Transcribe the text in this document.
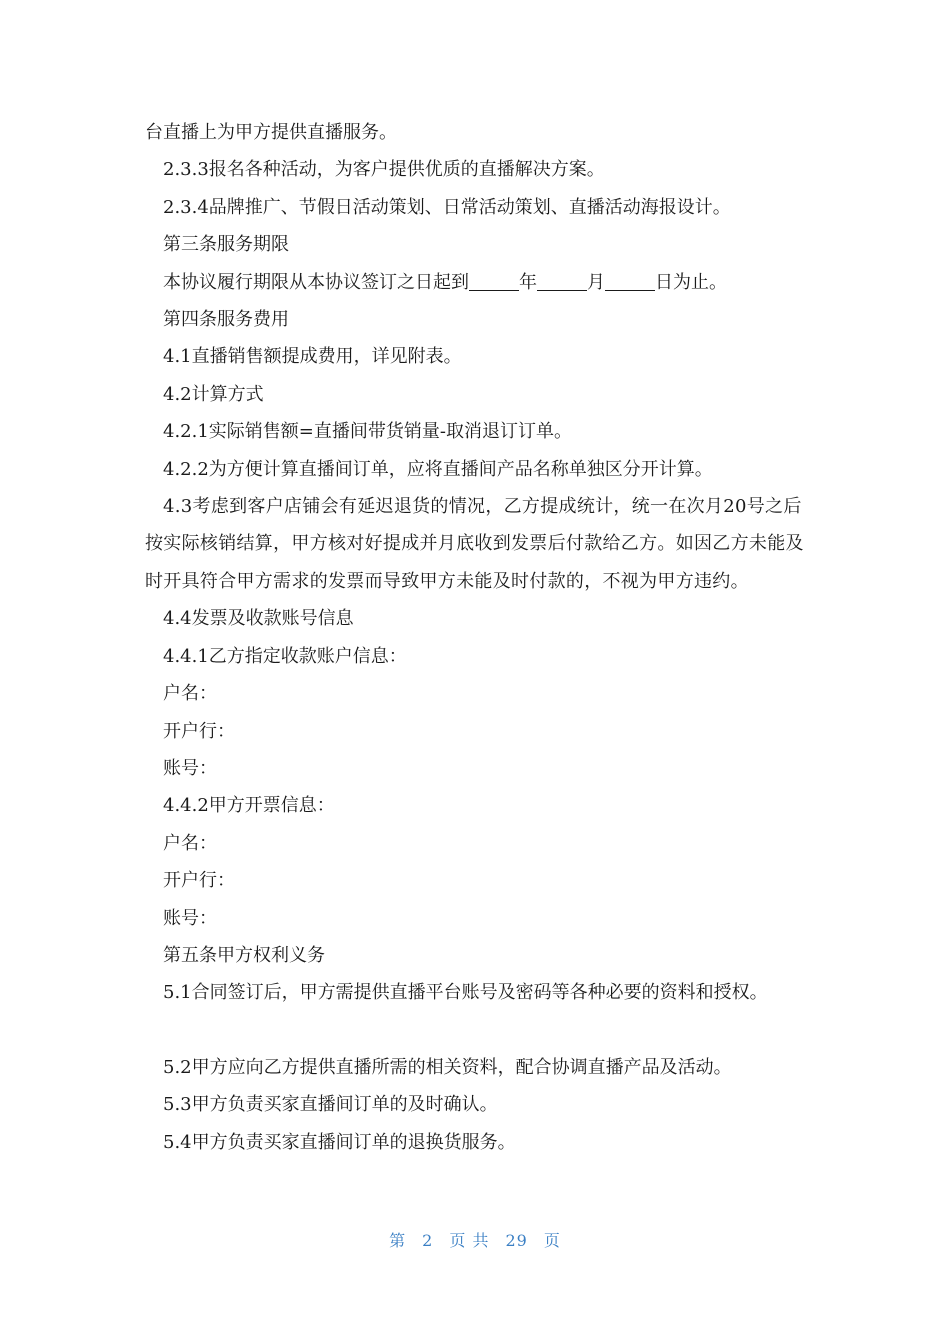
台直播上为甲方提供直播服务。
2.3.3报名各种活动，为客户提供优质的直播解决方案。
2.3.4品牌推广、节假日活动策划、日常活动策划、直播活动海报设计。
第三条服务期限
本协议履行期限从本协议签订之日起到	年	月	日为止。
第四条服务费用
4.1直播销售额提成费用，详见附表。
4.2计算方式
4.2.1实际销售额=直播间带货销量-取消退订订单。
4.2.2为方便计算直播间订单，应将直播间产品名称单独区分开计算。

4.3考虑到客户店铺会有延迟退货的情况，乙方提成统计，统一在次月20号之后按实际核销结算，甲方核对好提成并月底收到发票后付款给乙方。如因乙方未能及时开具符合甲方需求的发票而导致甲方未能及时付款的，不视为甲方违约。

4.4发票及收款账号信息
4.4.1乙方指定收款账户信息：
户名：
开户行：
账号：
4.4.2甲方开票信息：
户名：
开户行：
账号：
第五条甲方权利义务
5.1合同签订后，甲方需提供直播平台账号及密码等各种必要的资料和授权。
5.2甲方应向乙方提供直播所需的相关资料，配合协调直播产品及活动。
5.3甲方负责买家直播间订单的及时确认。
5.4甲方负责买家直播间订单的退换货服务。
第 2 页 共 29 页
